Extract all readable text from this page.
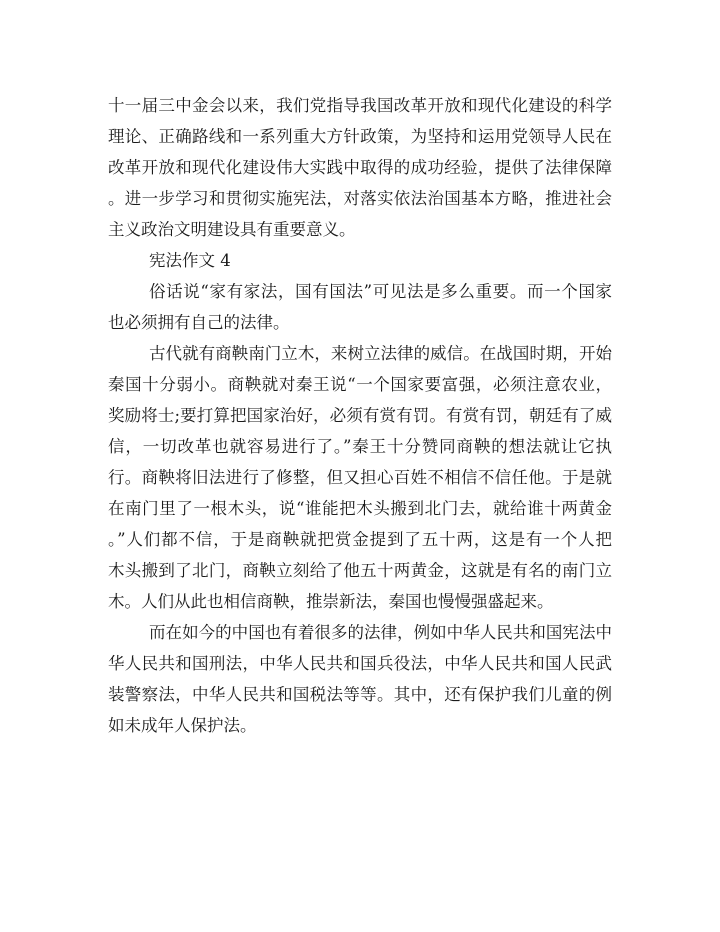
十一届三中金会以来，我们党指导我国改革开放和现代化建设的科学
理论、正确路线和一系列重大方针政策，为坚持和运用党领导人民在
改革开放和现代化建设伟大实践中取得的成功经验，提供了法律保障
。进一步学习和贯彻实施宪法，对落实依法治国基本方略，推进社会
主义政治文明建设具有重要意义。
宪法作文 4
俗话说“家有家法，国有国法”可见法是多么重要。而一个国家
也必须拥有自己的法律。
古代就有商鞅南门立木，来树立法律的威信。在战国时期，开始
秦国十分弱小。商鞅就对秦王说“一个国家要富强，必须注意农业，
奖励将士;要打算把国家治好，必须有赏有罚。有赏有罚，朝廷有了威
信，一切改革也就容易进行了。”秦王十分赞同商鞅的想法就让它执
行。商鞅将旧法进行了修整，但又担心百姓不相信不信任他。于是就
在南门里了一根木头，说“谁能把木头搬到北门去，就给谁十两黄金
。”人们都不信，于是商鞅就把赏金提到了五十两，这是有一个人把
木头搬到了北门，商鞅立刻给了他五十两黄金，这就是有名的南门立
木。人们从此也相信商鞅，推崇新法，秦国也慢慢强盛起来。
而在如今的中国也有着很多的法律，例如中华人民共和国宪法中
华人民共和国刑法，中华人民共和国兵役法，中华人民共和国人民武
装警察法，中华人民共和国税法等等。其中，还有保护我们儿童的例
如未成年人保护法。
